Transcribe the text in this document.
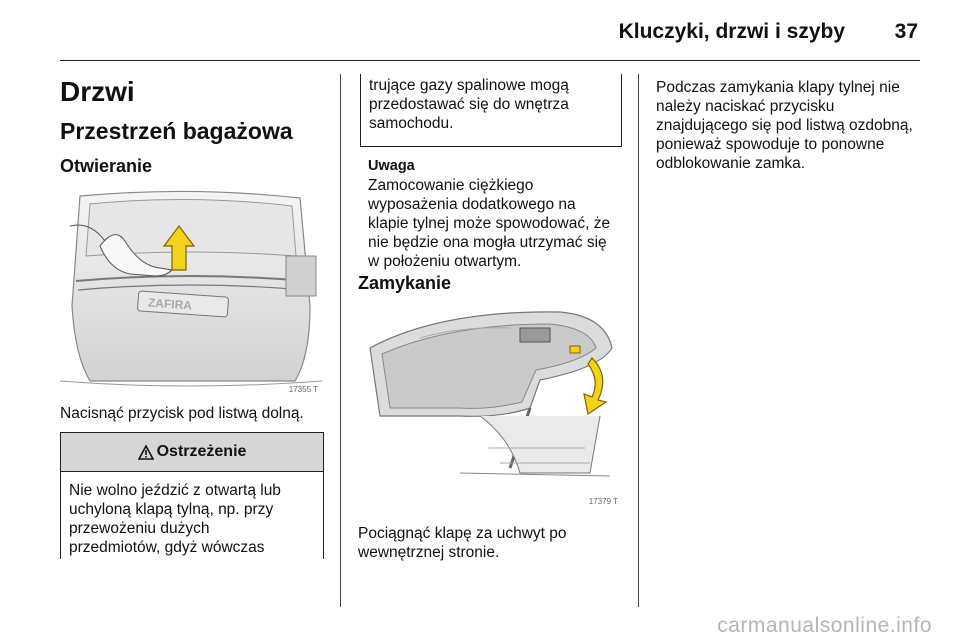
Kluczyki, drzwi i szyby 37
Drzwi
Przestrzeń bagażowa
Otwieranie
ZAFIRA
17355 T
Nacisnąć przycisk pod listwą dolną.
Ostrzeżenie
Nie wolno jeździć z otwartą lub
uchyloną klapą tylną, np. przy
przewożeniu dużych
przedmiotów, gdyż wówczas
trujące gazy spalinowe mogą
przedostawać się do wnętrza
samochodu.
Uwaga
Zamocowanie ciężkiego
wyposażenia dodatkowego na
klapie tylnej może spowodować, że
nie będzie ona mogła utrzymać się
w położeniu otwartym.
Zamykanie
17379 T
Pociągnąć klapę za uchwyt po
wewnętrznej stronie.
Podczas zamykania klapy tylnej nie
należy naciskać przycisku
znajdującego się pod listwą ozdobną,
ponieważ spowoduje to ponowne
odblokowanie zamka.
carmanualsonline.info
